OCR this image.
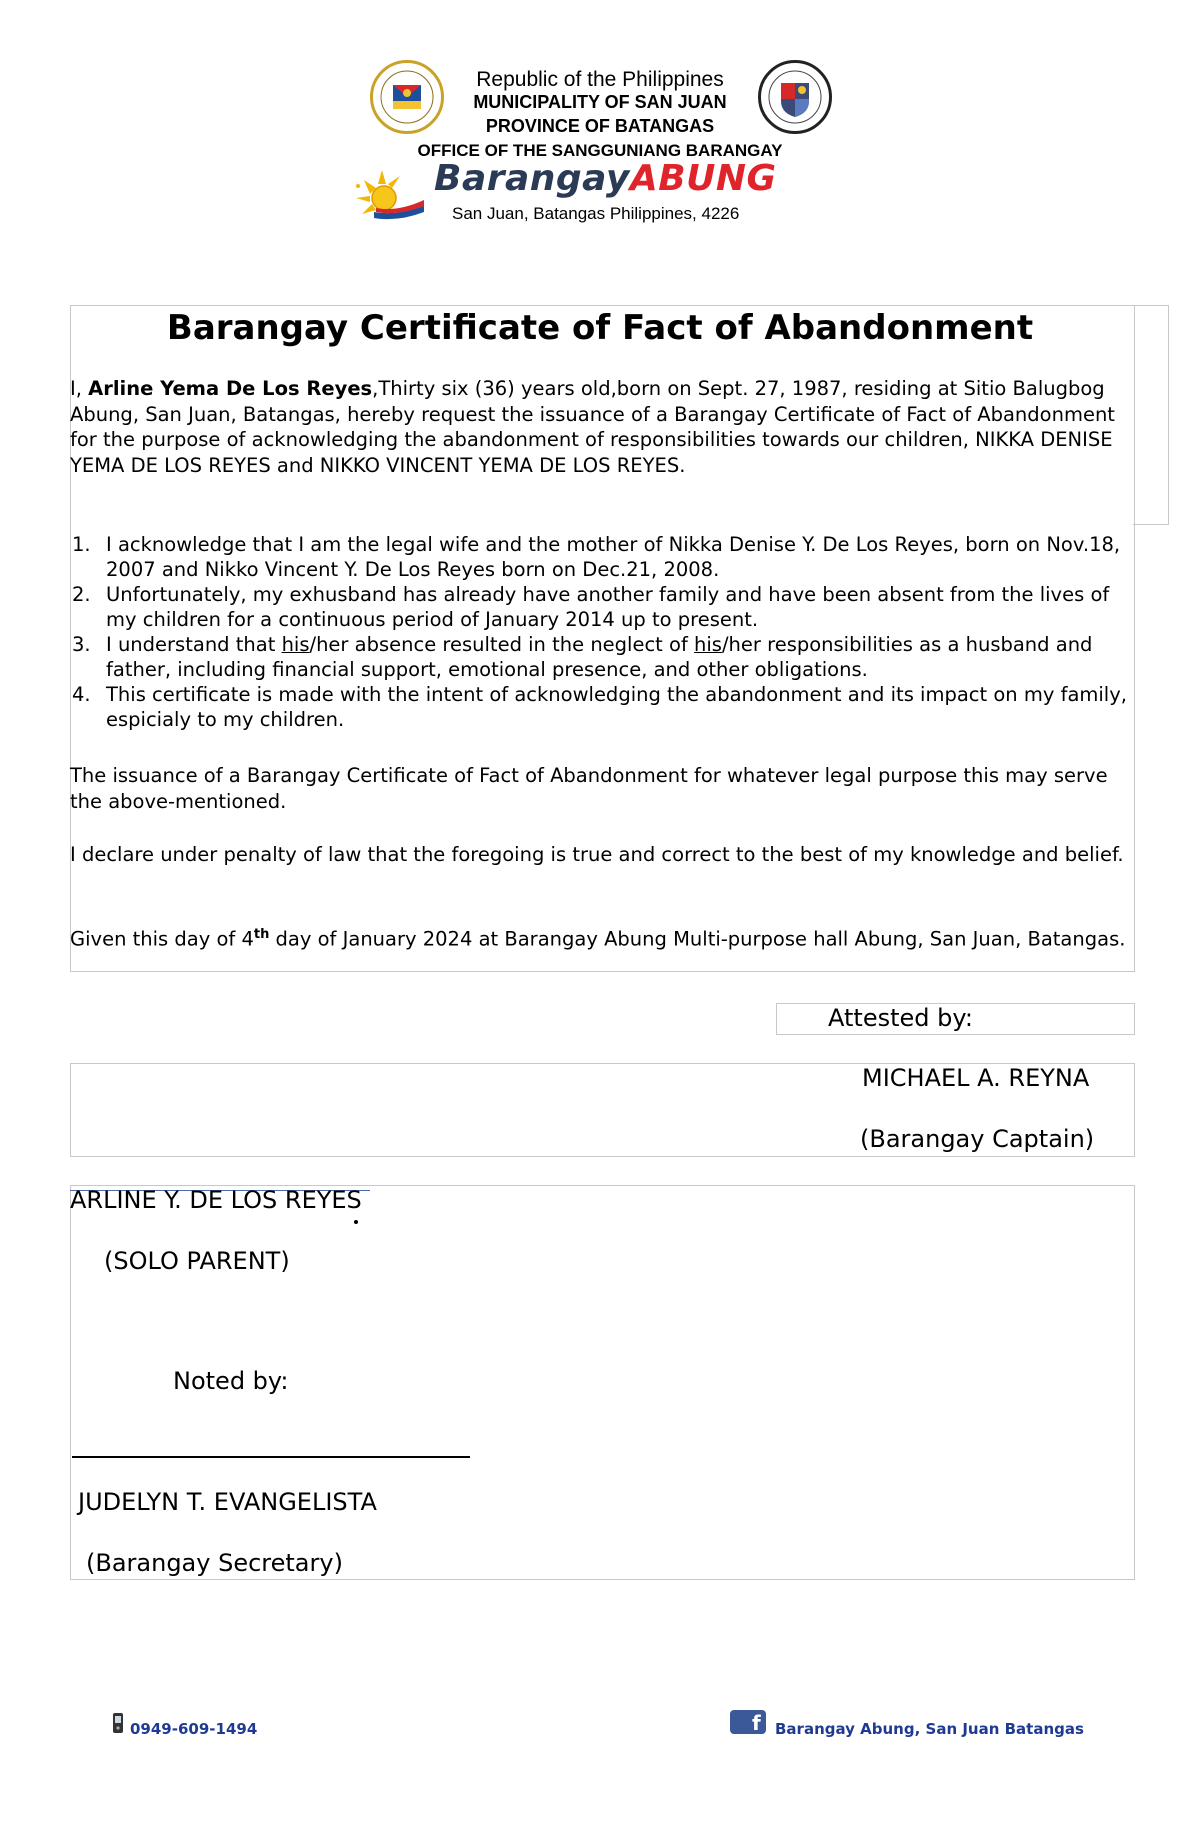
Republic of the Philippines
MUNICIPALITY OF SAN JUAN
PROVINCE OF BATANGAS
OFFICE OF THE SANGGUNIANG BARANGAY
BarangayABUNG
San Juan, Batangas Philippines, 4226
Barangay Certificate of Fact of Abandonment
I, Arline Yema De Los Reyes,Thirty six (36) years old,born on Sept. 27, 1987, residing at Sitio Balugbog Abung, San Juan, Batangas, hereby request the issuance of a Barangay Certificate of Fact of Abandonment for the purpose of acknowledging the abandonment of responsibilities towards our children, NIKKA DENISE YEMA DE LOS REYES and NIKKO VINCENT YEMA DE LOS REYES.
1. I acknowledge that I am the legal wife and the mother of Nikka Denise Y. De Los Reyes, born on Nov.18, 2007 and Nikko Vincent Y. De Los Reyes born on Dec.21, 2008.
2. Unfortunately, my exhusband has already have another family and have been absent from the lives of my children for a continuous period of January 2014 up to present.
3. I understand that his/her absence resulted in the neglect of his/her responsibilities as a husband and father, including financial support, emotional presence, and other obligations.
4. This certificate is made with the intent of acknowledging the abandonment and its impact on my family, espicialy to my children.
The issuance of a Barangay Certificate of Fact of Abandonment for whatever legal purpose this may serve the above-mentioned.
I declare under penalty of law that the foregoing is true and correct to the best of my knowledge and belief.
Given this day of 4th day of January 2024 at Barangay Abung Multi-purpose hall Abung, San Juan, Batangas.
Attested by:
MICHAEL A. REYNA
(Barangay Captain)
ARLINE Y. DE LOS REYES
(SOLO PARENT)
Noted by:
JUDELYN T. EVANGELISTA
(Barangay Secretary)
0949-609-1494	f Barangay Abung, San Juan Batangas
